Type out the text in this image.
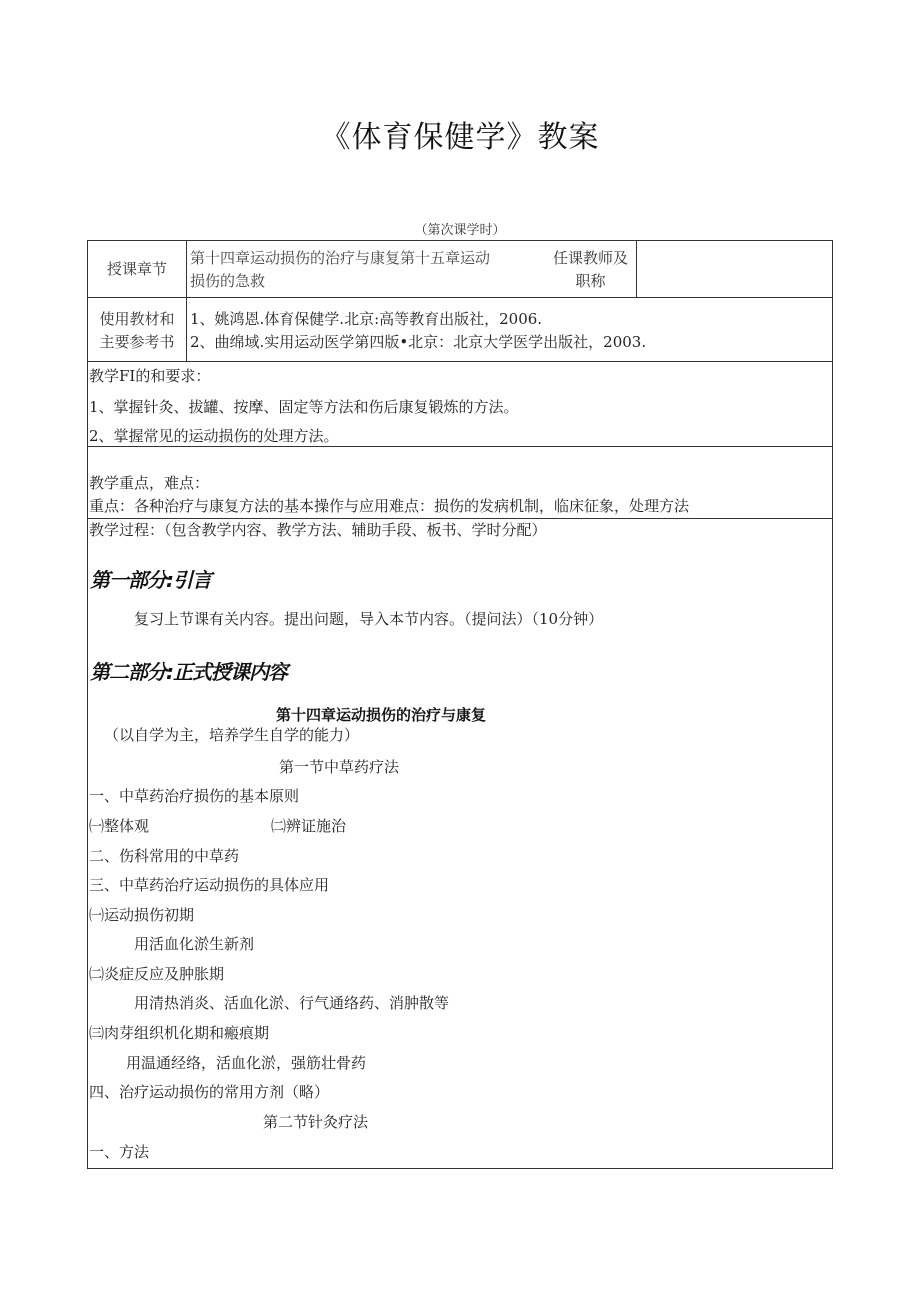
《体育保健学》教案
（第次课学时）
授课章节
第十四章运动损伤的治疗与康复第十五章运动
损伤的急救
任课教师及
职称
使用教材和
主要参考书
1、姚鸿恩.体育保健学.北京:高等教育出版社，2006.
2、曲绵域.实用运动医学第四版•北京：北京大学医学出版社，2003.
教学FI的和要求：
1、掌握针灸、拔罐、按摩、固定等方法和伤后康复锻炼的方法。
2、掌握常见的运动损伤的处理方法。
教学重点，难点：
重点：各种治疗与康复方法的基本操作与应用难点：损伤的发病机制，临床征象，处理方法
教学过程：（包含教学内容、教学方法、辅助手段、板书、学时分配）
第一部分:引言
复习上节课有关内容。提出问题，导入本节内容。（提问法）（10分钟）
第二部分:正式授课内容
第十四章运动损伤的治疗与康复
（以自学为主，培养学生自学的能力）
第一节中草药疗法
一、中草药治疗损伤的基本原则
㈠整体观	㈡辨证施治
二、伤科常用的中草药
三、中草药治疗运动损伤的具体应用
㈠运动损伤初期
用活血化淤生新剂
㈡炎症反应及肿胀期
用清热消炎、活血化淤、行气通络药、消肿散等
㈢肉芽组织机化期和瘢痕期
用温通经络，活血化淤，强筋壮骨药
四、治疗运动损伤的常用方剂（略）
第二节针灸疗法
一、方法
